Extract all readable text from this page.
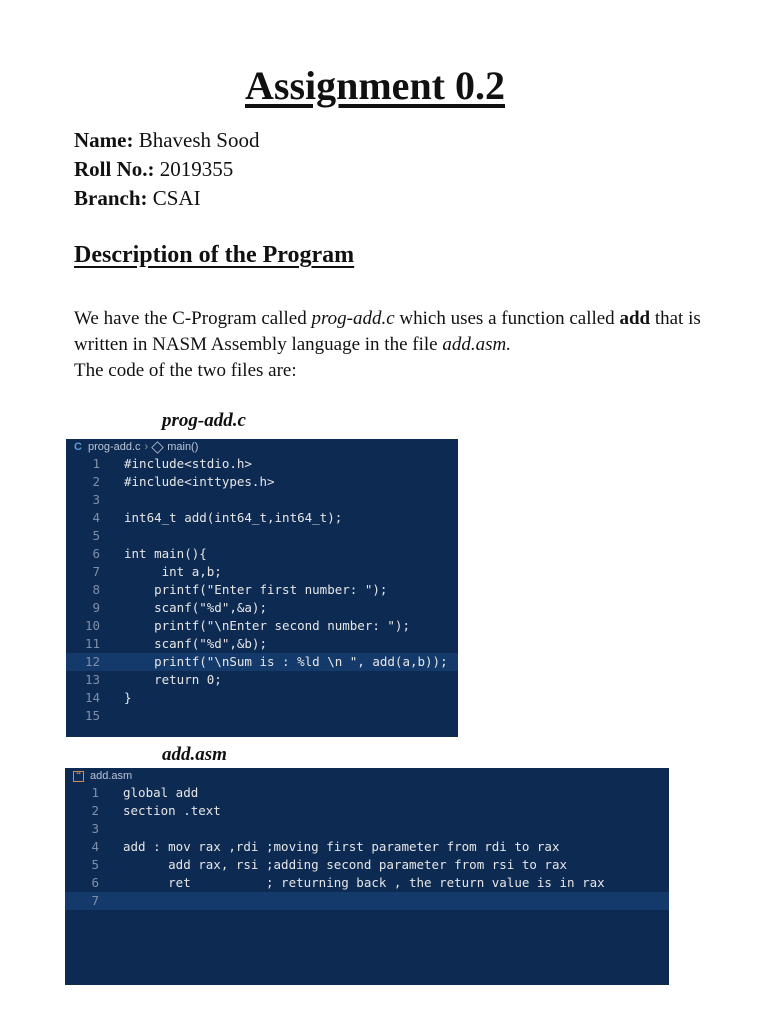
Assignment 0.2
Name: Bhavesh Sood
Roll No.: 2019355
Branch: CSAI
Description of the Program
We have the C-Program called prog-add.c which uses a function called add that is written in NASM Assembly language in the file add.asm.
The code of the two files are:
prog-add.c
C prog-add.c › main()
1	#include<stdio.h>
2	#include<inttypes.h>
3
4	int64_t add(int64_t,int64_t);
5
6	int main(){
7	int a,b;
8	printf("Enter first number: ");
9	scanf("%d",&a);
10	printf("\nEnter second number: ");
11	scanf("%d",&b);
12	printf("\nSum is : %ld \n ", add(a,b));
13	return 0;
14	}
15
add.asm
▪▪ add.asm
1	global add
2	section .text
3
4	add : mov rax ,rdi ;moving first parameter from rdi to rax
5	add rax, rsi ;adding second parameter from rsi to rax
6	ret          ; returning back , the return value is in rax
7
